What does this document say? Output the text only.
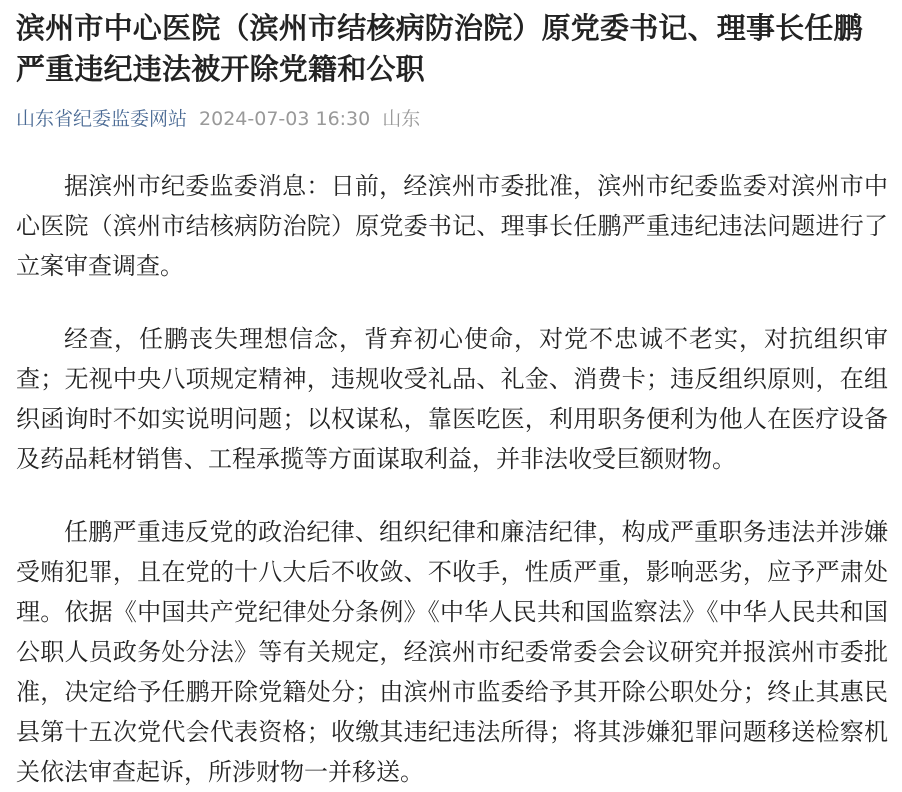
滨州市中心医院（滨州市结核病防治院）原党委书记、理事长任鹏严重违纪违法被开除党籍和公职
山东省纪委监委网站 2024-07-03 16:30 山东

据滨州市纪委监委消息：日前，经滨州市委批准，滨州市纪委监委对滨州市中心医院（滨州市结核病防治院）原党委书记、理事长任鹏严重违纪违法问题进行了立案审查调查。

经查，任鹏丧失理想信念，背弃初心使命，对党不忠诚不老实，对抗组织审查；无视中央八项规定精神，违规收受礼品、礼金、消费卡；违反组织原则，在组织函询时不如实说明问题；以权谋私，靠医吃医，利用职务便利为他人在医疗设备及药品耗材销售、工程承揽等方面谋取利益，并非法收受巨额财物。

任鹏严重违反党的政治纪律、组织纪律和廉洁纪律，构成严重职务违法并涉嫌受贿犯罪，且在党的十八大后不收敛、不收手，性质严重，影响恶劣，应予严肃处理。依据《中国共产党纪律处分条例》《中华人民共和国监察法》《中华人民共和国公职人员政务处分法》等有关规定，经滨州市纪委常委会会议研究并报滨州市委批准，决定给予任鹏开除党籍处分；由滨州市监委给予其开除公职处分；终止其惠民县第十五次党代会代表资格；收缴其违纪违法所得；将其涉嫌犯罪问题移送检察机关依法审查起诉，所涉财物一并移送。
